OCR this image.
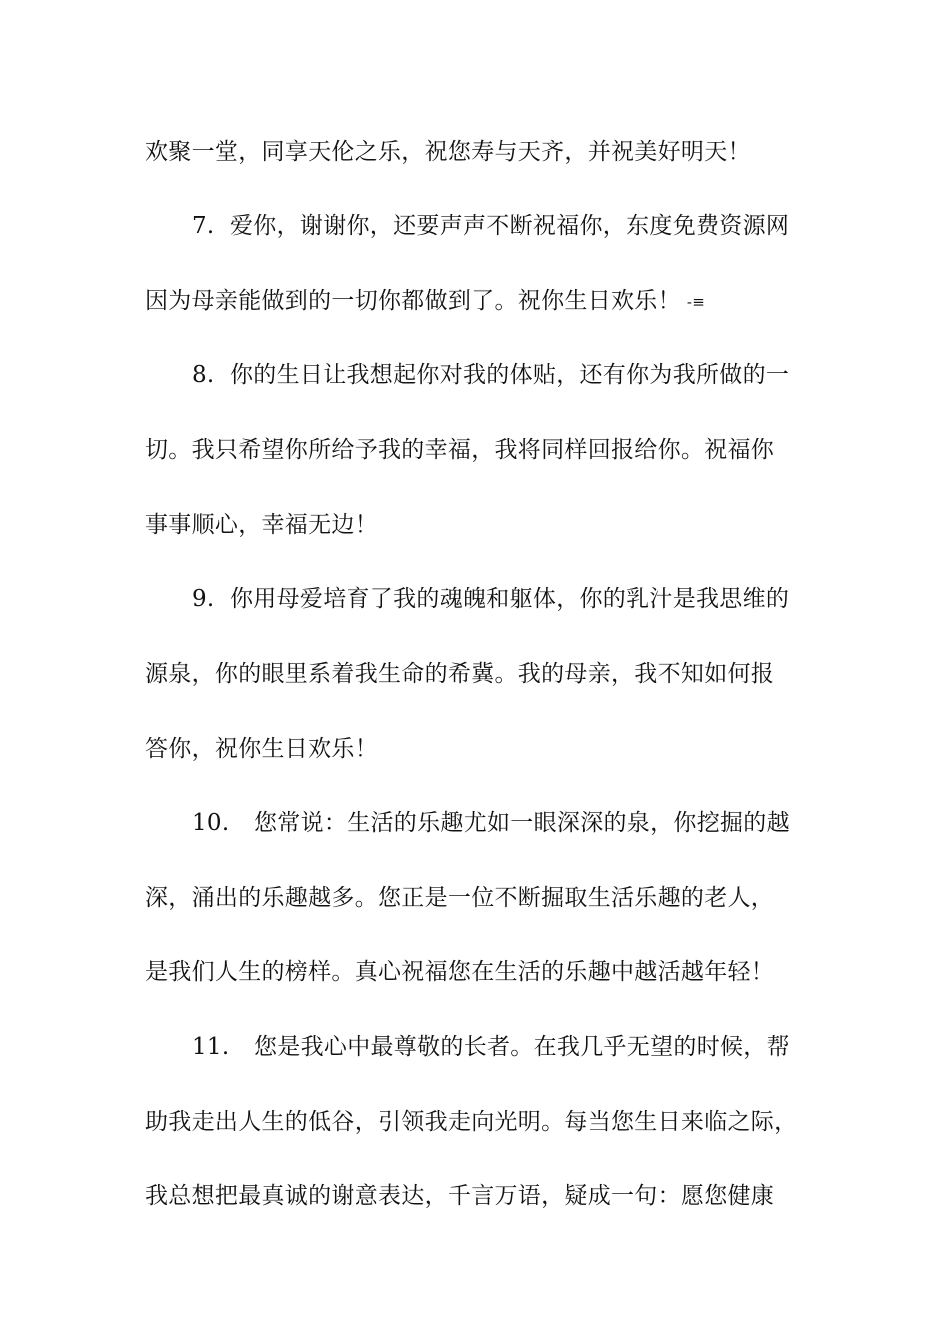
欢聚一堂，同享天伦之乐，祝您寿与天齐，并祝美好明天！
7. 爱你，谢谢你，还要声声不断祝福你，东度免费资源网
因为母亲能做到的一切你都做到了。祝你生日欢乐！ -≡
8. 你的生日让我想起你对我的体贴，还有你为我所做的一
切。我只希望你所给予我的幸福，我将同样回报给你。祝福你
事事顺心，幸福无边！
9. 你用母爱培育了我的魂魄和躯体，你的乳汁是我思维的
源泉，你的眼里系着我生命的希冀。我的母亲，我不知如何报
答你，祝你生日欢乐！
10. 您常说：生活的乐趣尤如一眼深深的泉，你挖掘的越
深，涌出的乐趣越多。您正是一位不断掘取生活乐趣的老人，
是我们人生的榜样。真心祝福您在生活的乐趣中越活越年轻！
11. 您是我心中最尊敬的长者。在我几乎无望的时候，帮
助我走出人生的低谷，引领我走向光明。每当您生日来临之际，
我总想把最真诚的谢意表达，千言万语，疑成一句：愿您健康
